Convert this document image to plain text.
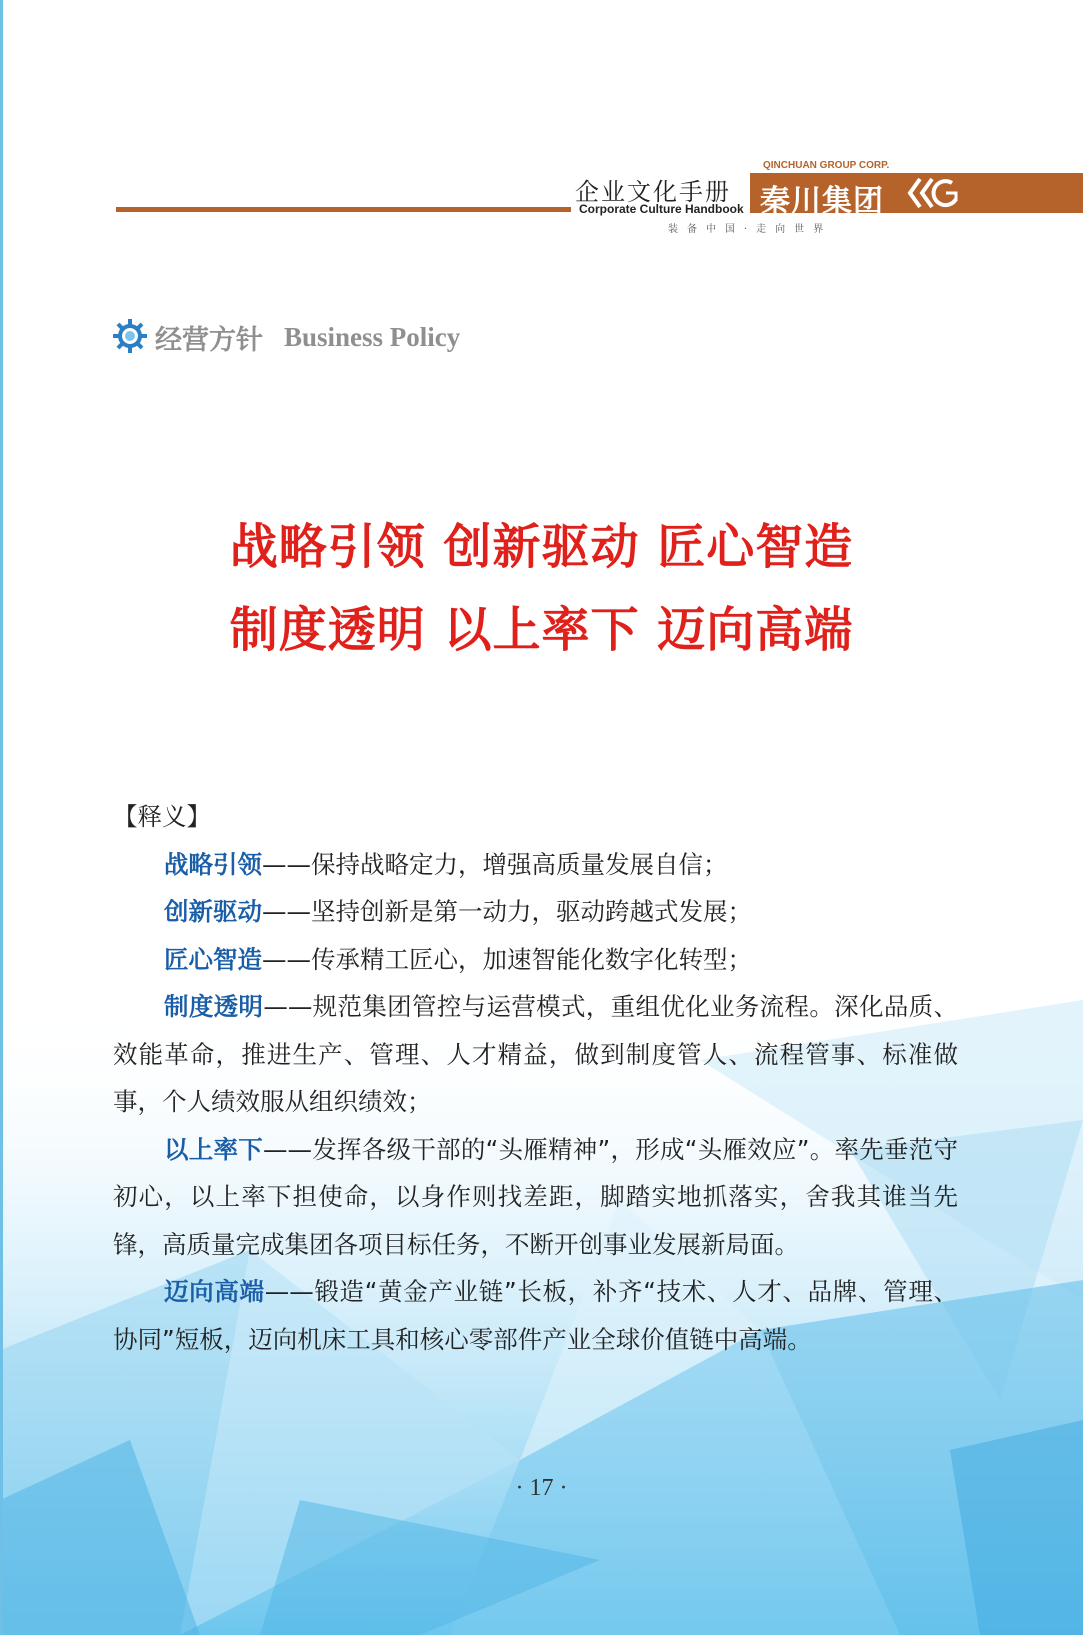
企业文化手册
Corporate Culture Handbook
QINCHUAN GROUP CORP.
秦川集团
装备中国·走向世界
经营方针 Business Policy
战略引领 创新驱动 匠心智造
制度透明 以上率下 迈向高端

【释义】

战略引领——保持战略定力，增强高质量发展自信；

创新驱动——坚持创新是第一动力，驱动跨越式发展；

匠心智造——传承精工匠心，加速智能化数字化转型；

制度透明——规范集团管控与运营模式，重组优化业务流程。深化品质、效能革命，推进生产、管理、人才精益，做到制度管人、流程管事、标准做事，个人绩效服从组织绩效；

以上率下——发挥各级干部的“头雁精神”，形成“头雁效应”。率先垂范守初心，以上率下担使命，以身作则找差距，脚踏实地抓落实，舍我其谁当先锋，高质量完成集团各项目标任务，不断开创事业发展新局面。

迈向高端——锻造“黄金产业链”长板，补齐“技术、人才、品牌、管理、协同”短板，迈向机床工具和核心零部件产业全球价值链中高端。

· 17 ·
